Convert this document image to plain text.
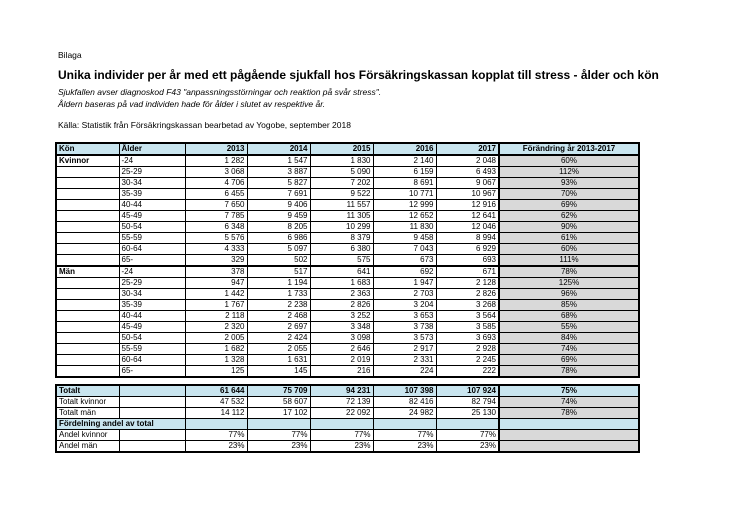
Bilaga
Unika individer per år med ett pågående sjukfall hos Försäkringskassan kopplat till stress - ålder och kön
Sjukfallen avser diagnoskod F43 "anpassningsstörningar och reaktion på svår stress".
Åldern baseras på vad individen hade för ålder i slutet av respektive år.
Källa: Statistik från Försäkringskassan bearbetad av Yogobe, september 2018
Kön	Ålder	2013	2014	2015	2016	2017	Förändring år 2013-2017
Kvinnor	-24	1 282	1 547	1 830	2 140	2 048	60%
	25-29	3 068	3 887	5 090	6 159	6 493	112%
	30-34	4 706	5 827	7 202	8 691	9 067	93%
	35-39	6 455	7 691	9 522	10 771	10 967	70%
	40-44	7 650	9 406	11 557	12 999	12 916	69%
	45-49	7 785	9 459	11 305	12 652	12 641	62%
	50-54	6 348	8 205	10 299	11 830	12 046	90%
	55-59	5 576	6 986	8 379	9 458	8 994	61%
	60-64	4 333	5 097	6 380	7 043	6 929	60%
	65-	329	502	575	673	693	111%
Män	-24	378	517	641	692	671	78%
	25-29	947	1 194	1 683	1 947	2 128	125%
	30-34	1 442	1 733	2 363	2 703	2 826	96%
	35-39	1 767	2 238	2 826	3 204	3 268	85%
	40-44	2 118	2 468	3 252	3 653	3 564	68%
	45-49	2 320	2 697	3 348	3 738	3 585	55%
	50-54	2 005	2 424	3 098	3 573	3 693	84%
	55-59	1 682	2 055	2 646	2 917	2 928	74%
	60-64	1 328	1 631	2 019	2 331	2 245	69%
	65-	125	145	216	224	222	78%
Totalt		61 644	75 709	94 231	107 398	107 924	75%
Totalt kvinnor		47 532	58 607	72 139	82 416	82 794	74%
Totalt män		14 112	17 102	22 092	24 982	25 130	78%
Fördelning andel av total							
Andel kvinnor		77%	77%	77%	77%	77%	
Andel män		23%	23%	23%	23%	23%	
